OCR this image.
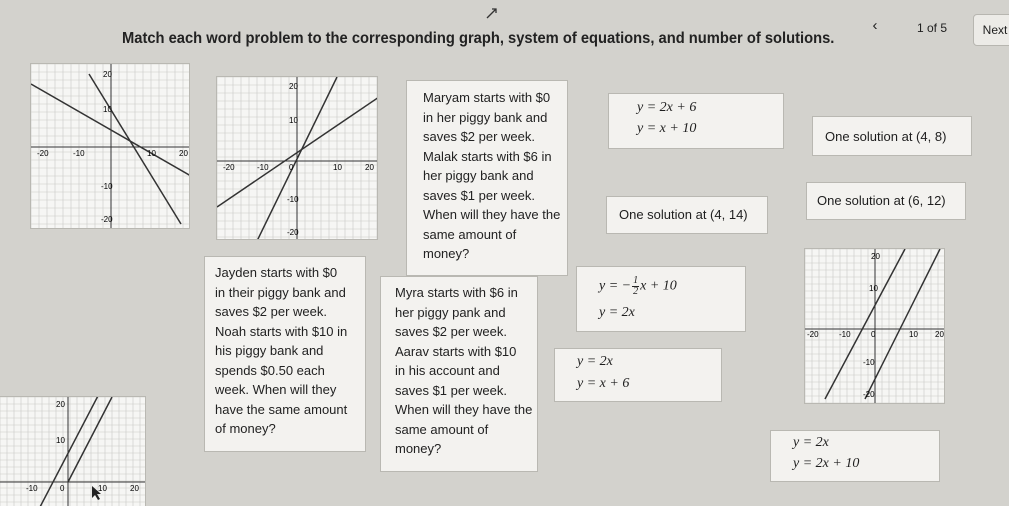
‹	1 of 5	Next
Match each word problem to the corresponding graph, system of equations, and number of solutions.
20
10
-20	-10	10	20
-10
-20
20
10
-20	-10	0	10	20
-10
-20
Maryam starts with $0
in her piggy bank and
saves $2 per week.
Malak starts with $6 in
her piggy bank and
saves $1 per week.
When will they have the
same amount of
money?
y = 2x + 6
y = x + 10
One solution at (4, 8)
One solution at (6, 12)
One solution at (4, 14)
20
10
-20	-10	0	10 20
-10
-20
Jayden starts with $0
in their piggy bank and
saves $2 per week.
Noah starts with $10 in
his piggy bank and
spends $0.50 each
week. When will they
have the same amount
of money?
Myra starts with $6 in
her piggy pank and
saves $2 per week.
Aarav starts with $10
in his account and
saves $1 per week.
When will they have the
same amount of
money?
y = − $\frac{1}{2}$ x + 10
y = 2x
y = 2x
y = x + 6
y = 2x
y = 2x + 10
20
10
-10	0	10	20
